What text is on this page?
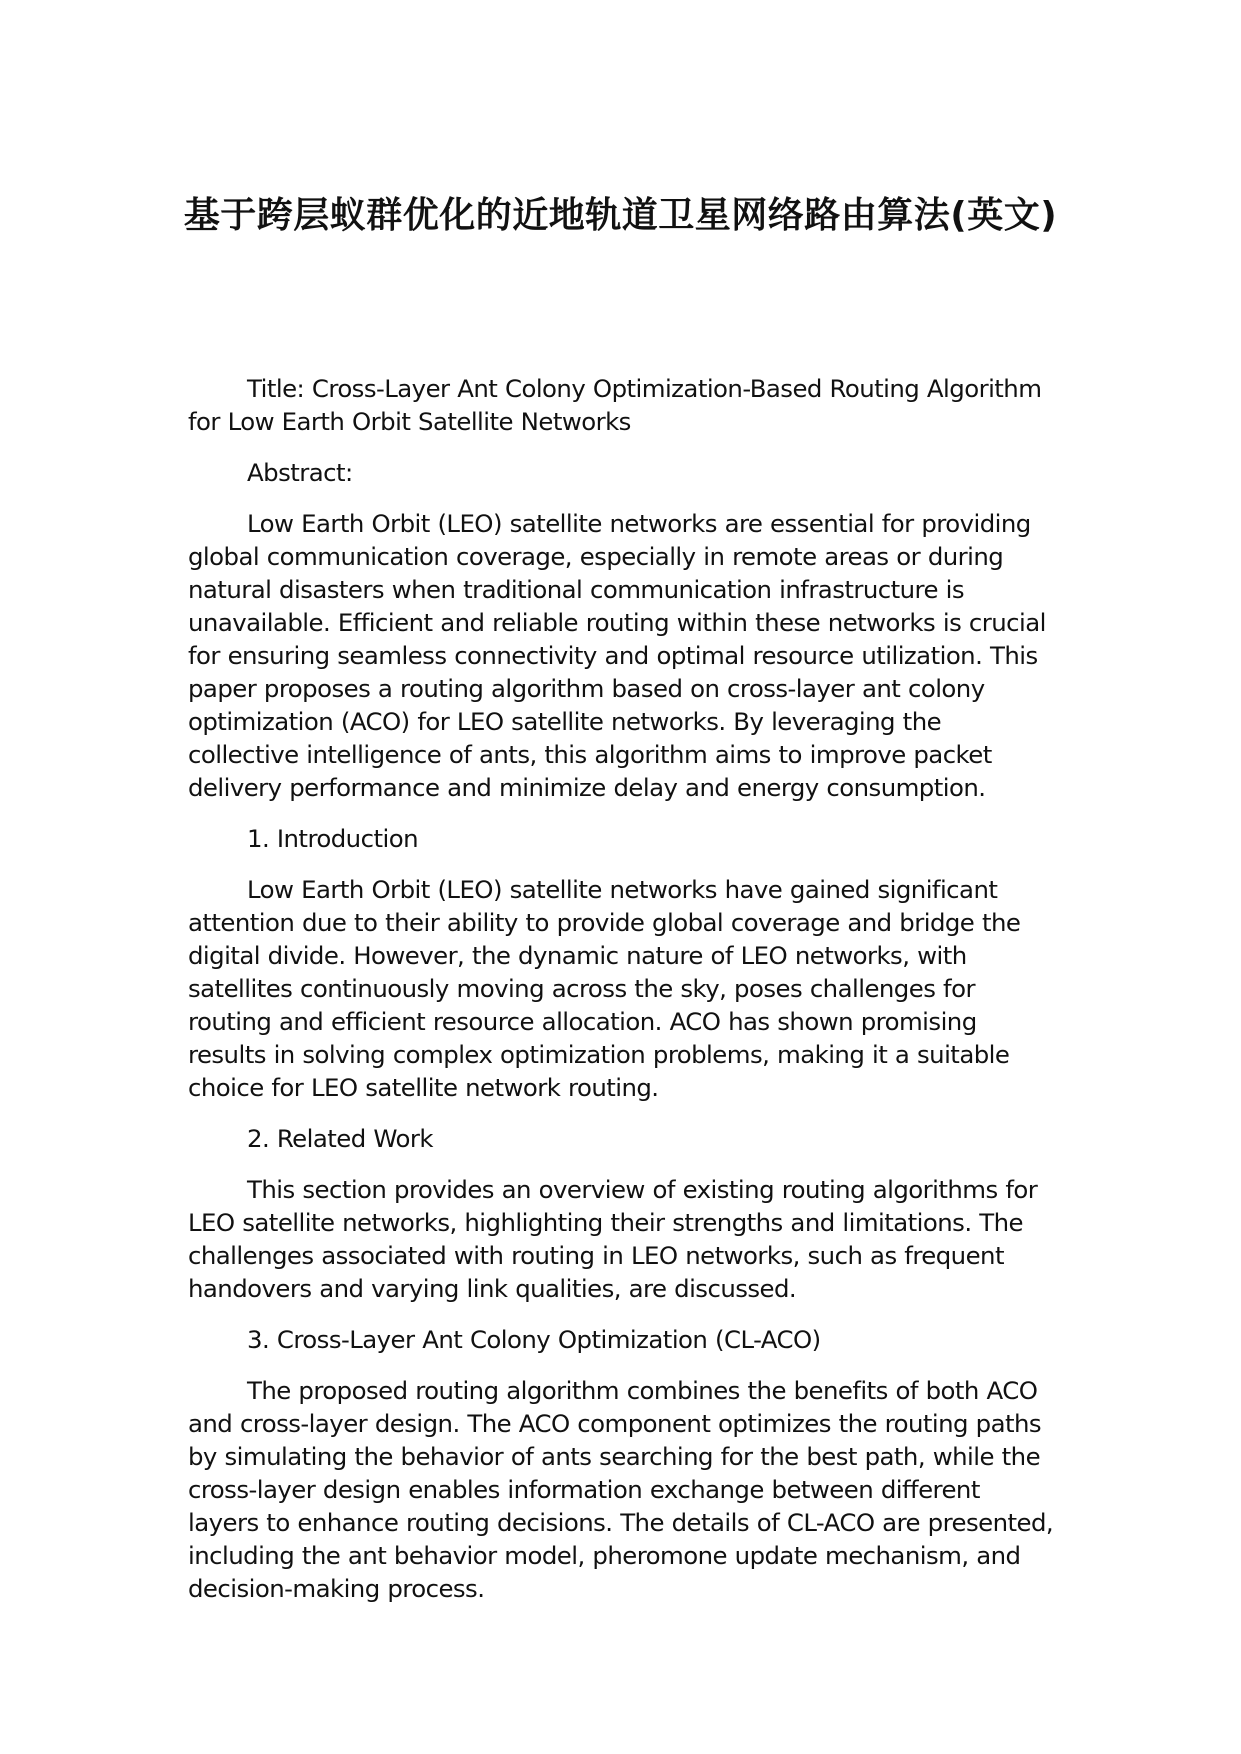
基于跨层蚁群优化的近地轨道卫星网络路由算法(英文)

Title: Cross-Layer Ant Colony Optimization-Based Routing Algorithm for Low Earth Orbit Satellite Networks

Abstract:

Low Earth Orbit (LEO) satellite networks are essential for providing global communication coverage, especially in remote areas or during natural disasters when traditional communication infrastructure is unavailable. Efficient and reliable routing within these networks is crucial for ensuring seamless connectivity and optimal resource utilization. This paper proposes a routing algorithm based on cross-layer ant colony optimization (ACO) for LEO satellite networks. By leveraging the collective intelligence of ants, this algorithm aims to improve packet delivery performance and minimize delay and energy consumption.

1. Introduction

Low Earth Orbit (LEO) satellite networks have gained significant attention due to their ability to provide global coverage and bridge the digital divide. However, the dynamic nature of LEO networks, with satellites continuously moving across the sky, poses challenges for routing and efficient resource allocation. ACO has shown promising results in solving complex optimization problems, making it a suitable choice for LEO satellite network routing.

2. Related Work

This section provides an overview of existing routing algorithms for LEO satellite networks, highlighting their strengths and limitations. The challenges associated with routing in LEO networks, such as frequent handovers and varying link qualities, are discussed.

3. Cross-Layer Ant Colony Optimization (CL-ACO)

The proposed routing algorithm combines the benefits of both ACO and cross-layer design. The ACO component optimizes the routing paths by simulating the behavior of ants searching for the best path, while the cross-layer design enables information exchange between different layers to enhance routing decisions. The details of CL-ACO are presented, including the ant behavior model, pheromone update mechanism, and decision-making process.
